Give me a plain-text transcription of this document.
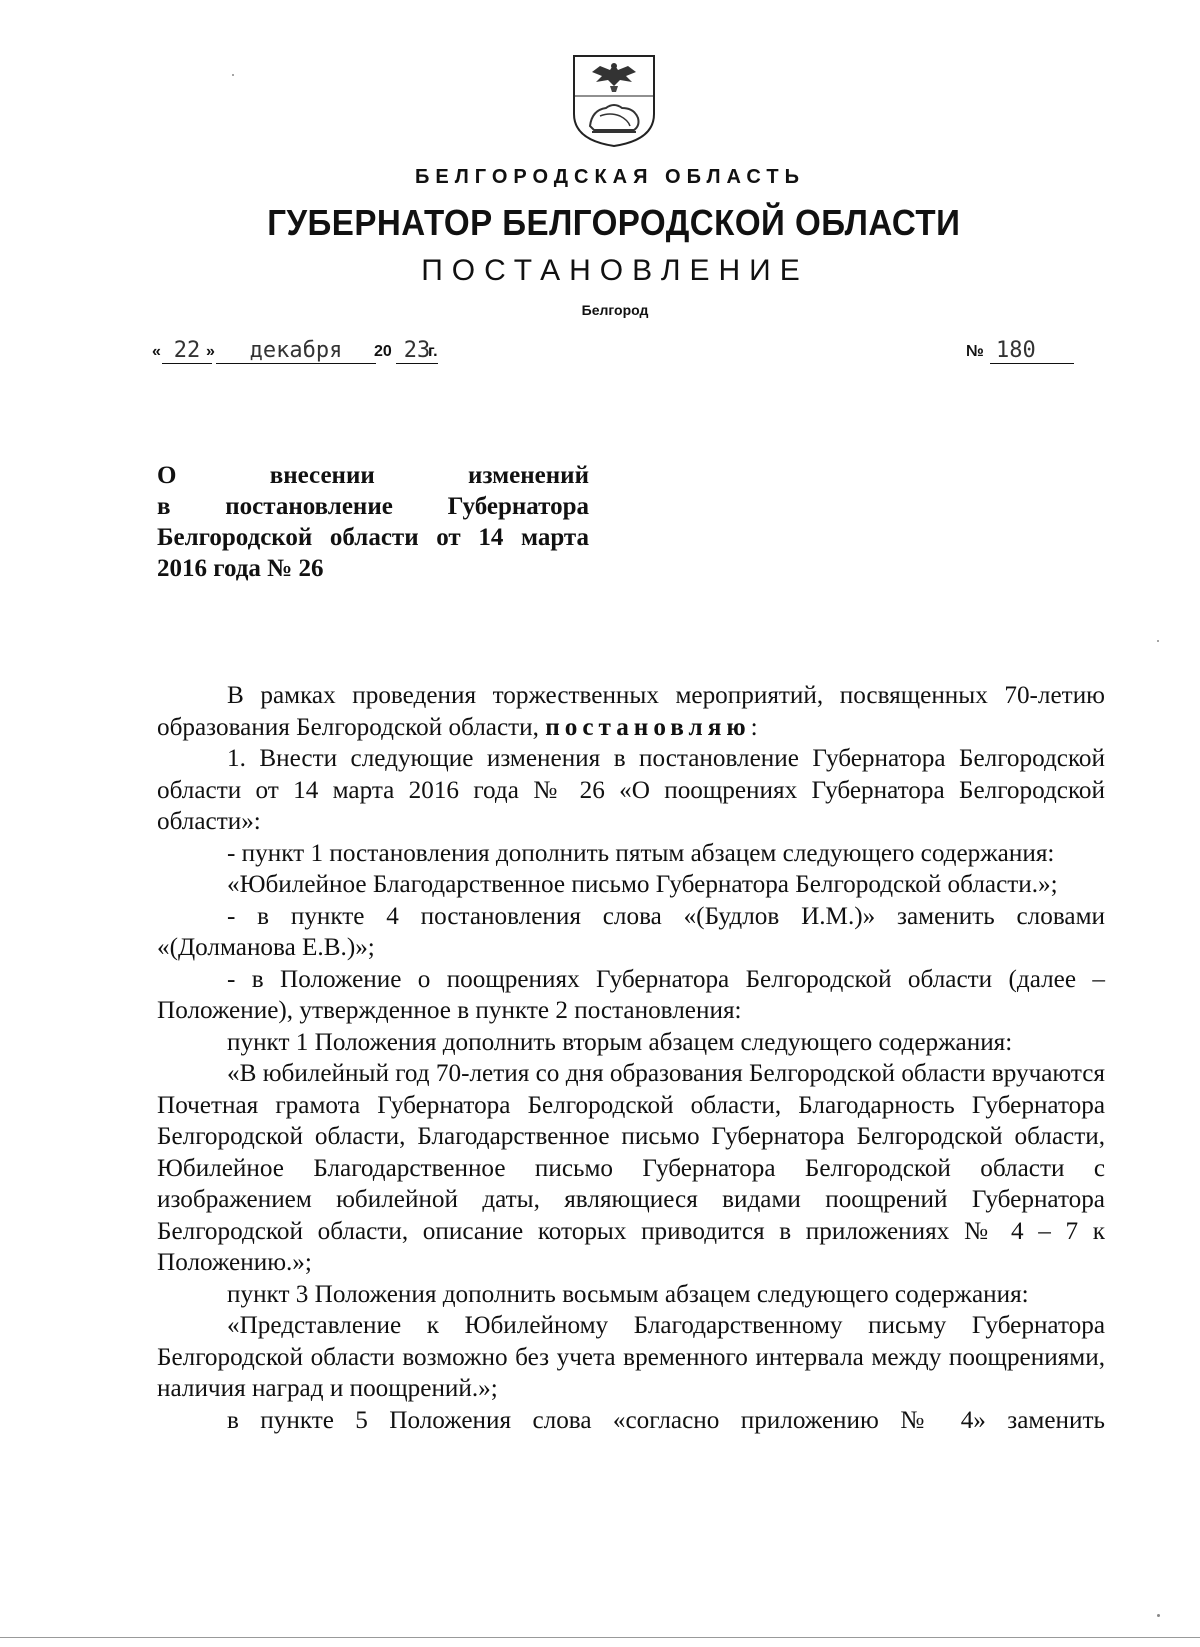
БЕЛГОРОДСКАЯ ОБЛАСТЬ
ГУБЕРНАТОР БЕЛГОРОДСКОЙ ОБЛАСТИ
ПОСТАНОВЛЕНИЕ
Белгород
« 22 »	декабря	20 23
г.	№ 180
О внесении изменений
в постановление Губернатора
Белгородской области от 14 марта
2016 года № 26

В рамках проведения торжественных мероприятий, посвященных 70-летию образования Белгородской области, постановляю:

1. Внести следующие изменения в постановление Губернатора Белгородской области от 14 марта 2016 года № 26 «О поощрениях Губернатора Белгородской области»:

- пункт 1 постановления дополнить пятым абзацем следующего содержания:

«Юбилейное Благодарственное письмо Губернатора Белгородской области.»;

- в пункте 4 постановления слова «(Будлов И.М.)» заменить словами «(Долманова Е.В.)»;

- в Положение о поощрениях Губернатора Белгородской области (далее – Положение), утвержденное в пункте 2 постановления:

пункт 1 Положения дополнить вторым абзацем следующего содержания:

«В юбилейный год 70-летия со дня образования Белгородской области вручаются Почетная грамота Губернатора Белгородской области, Благодарность Губернатора Белгородской области, Благодарственное письмо Губернатора Белгородской области, Юбилейное Благодарственное письмо Губернатора Белгородской области с изображением юбилейной даты, являющиеся видами поощрений Губернатора Белгородской области, описание которых приводится в приложениях № 4 – 7 к Положению.»;

пункт 3 Положения дополнить восьмым абзацем следующего содержания:

«Представление к Юбилейному Благодарственному письму Губернатора Белгородской области возможно без учета временного интервала между поощрениями, наличия наград и поощрений.»;

в пункте 5 Положения слова «согласно приложению № 4» заменить
